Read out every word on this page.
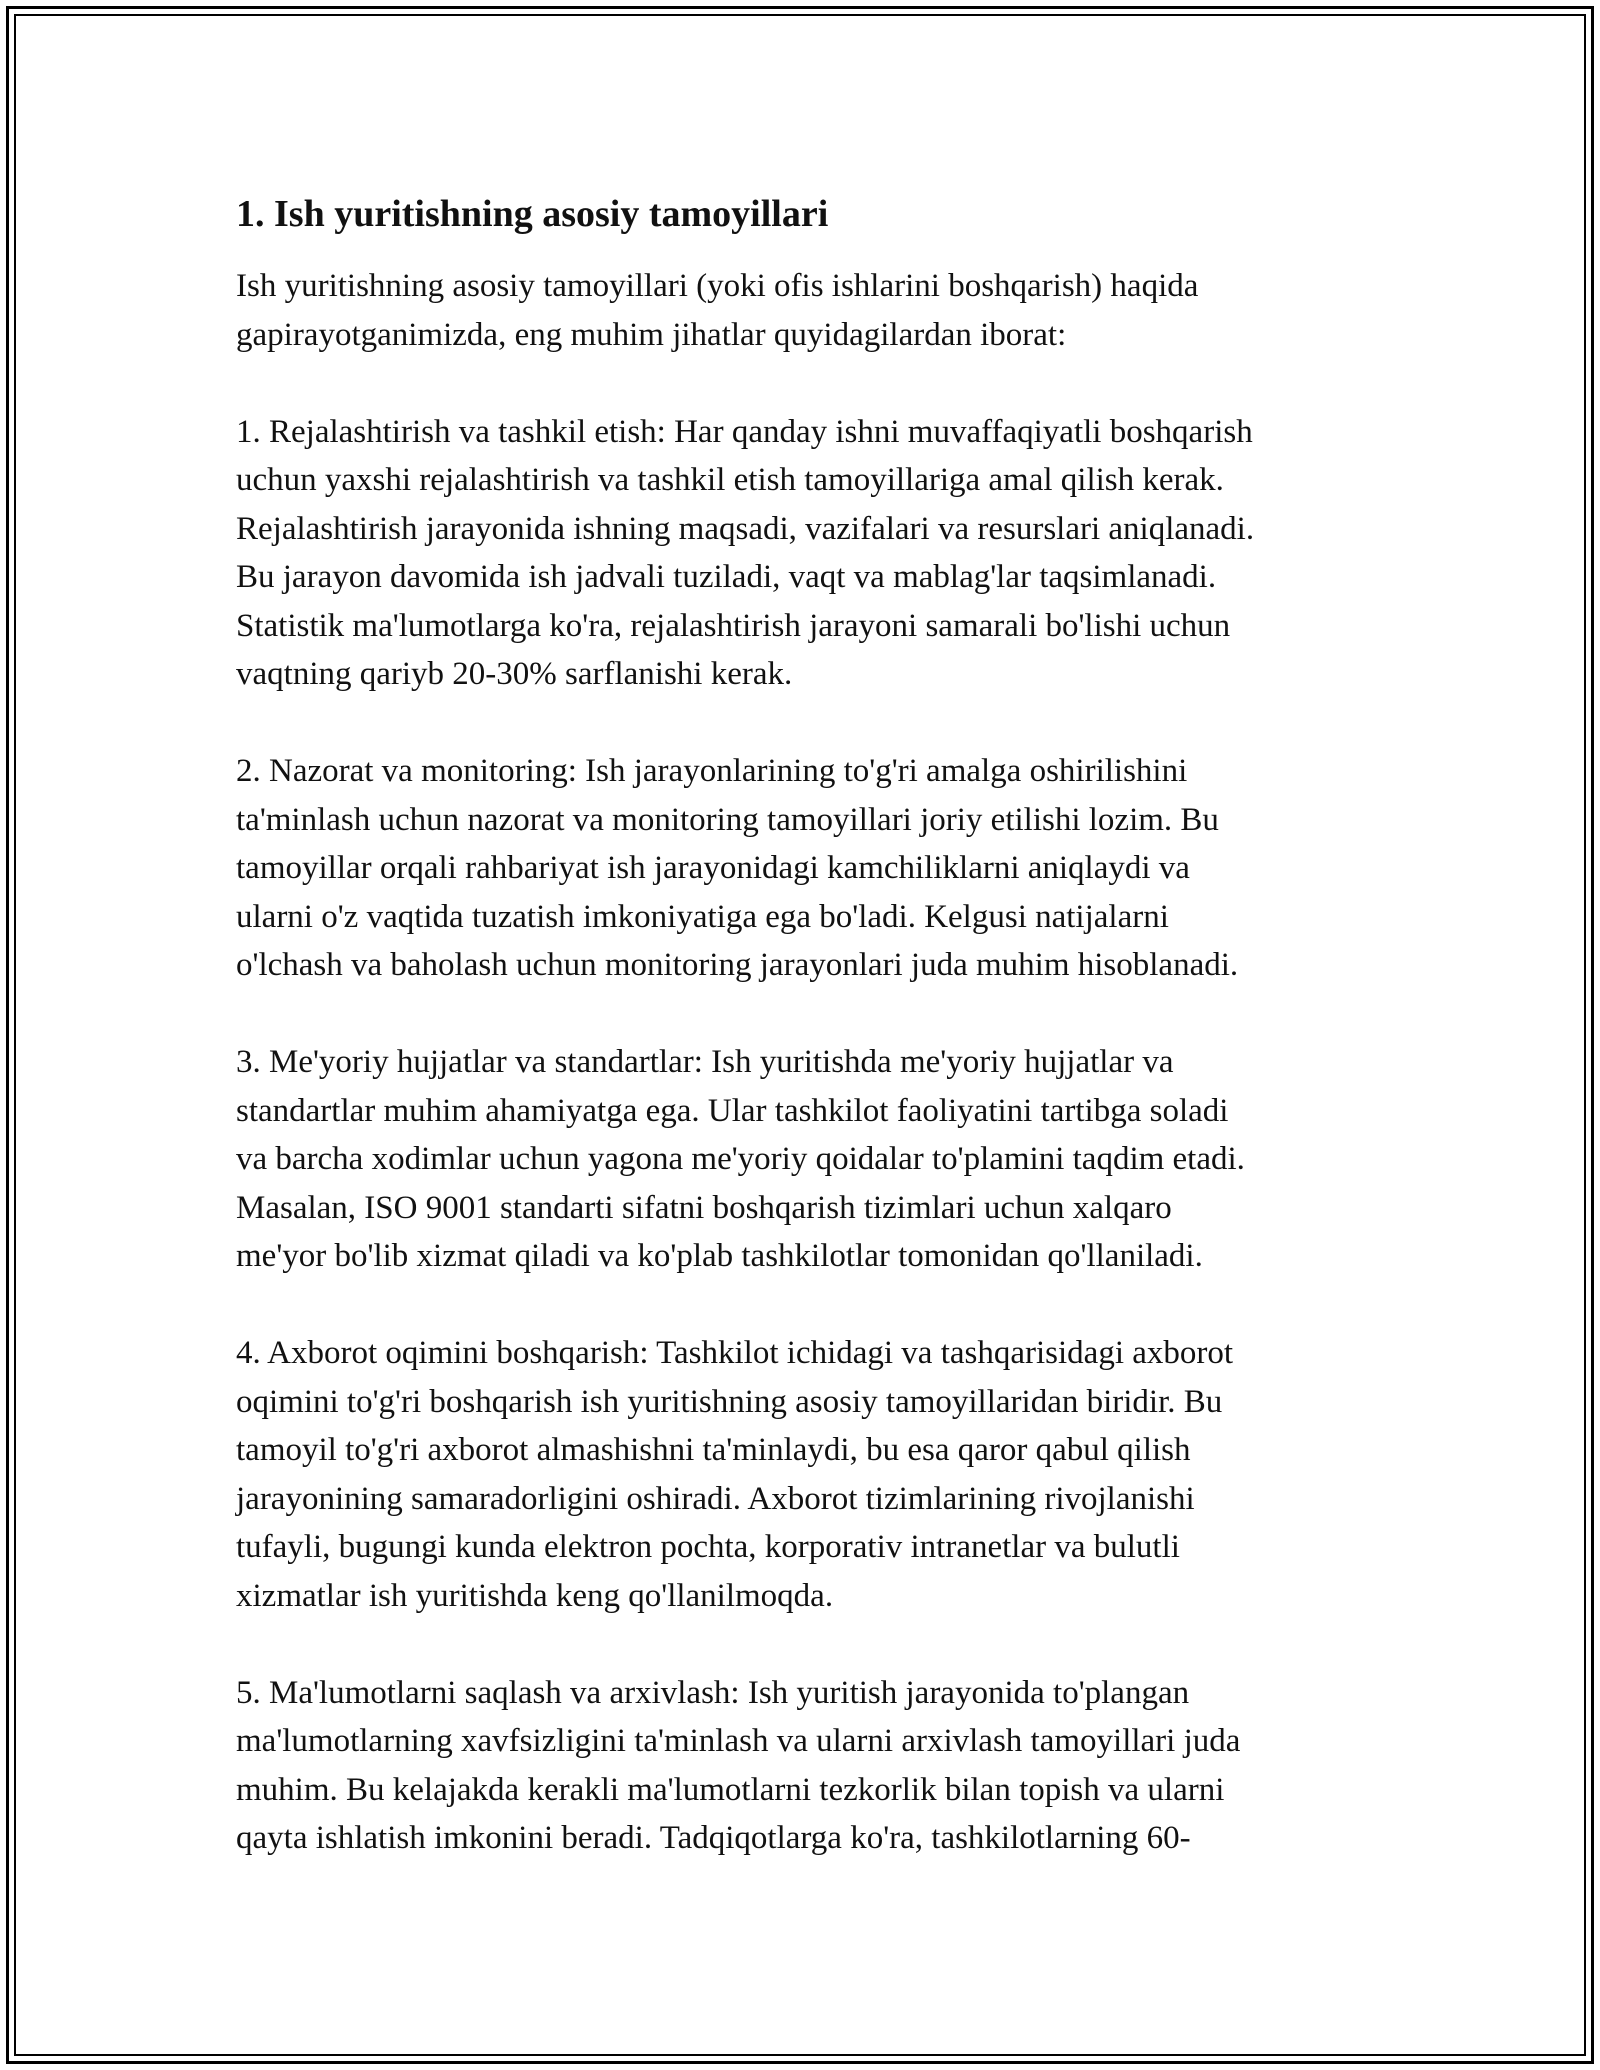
1. Ish yuritishning asosiy tamoyillari

Ish yuritishning asosiy tamoyillari (yoki ofis ishlarini boshqarish) haqida
gapirayotganimizda, eng muhim jihatlar quyidagilardan iborat:

1. Rejalashtirish va tashkil etish: Har qanday ishni muvaffaqiyatli boshqarish
uchun yaxshi rejalashtirish va tashkil etish tamoyillariga amal qilish kerak.
Rejalashtirish jarayonida ishning maqsadi, vazifalari va resurslari aniqlanadi.
Bu jarayon davomida ish jadvali tuziladi, vaqt va mablag'lar taqsimlanadi.
Statistik ma'lumotlarga ko'ra, rejalashtirish jarayoni samarali bo'lishi uchun
vaqtning qariyb 20-30% sarflanishi kerak.

2. Nazorat va monitoring: Ish jarayonlarining to'g'ri amalga oshirilishini
ta'minlash uchun nazorat va monitoring tamoyillari joriy etilishi lozim. Bu
tamoyillar orqali rahbariyat ish jarayonidagi kamchiliklarni aniqlaydi va
ularni o'z vaqtida tuzatish imkoniyatiga ega bo'ladi. Kelgusi natijalarni
o'lchash va baholash uchun monitoring jarayonlari juda muhim hisoblanadi.

3. Me'yoriy hujjatlar va standartlar: Ish yuritishda me'yoriy hujjatlar va
standartlar muhim ahamiyatga ega. Ular tashkilot faoliyatini tartibga soladi
va barcha xodimlar uchun yagona me'yoriy qoidalar to'plamini taqdim etadi.
Masalan, ISO 9001 standarti sifatni boshqarish tizimlari uchun xalqaro
me'yor bo'lib xizmat qiladi va ko'plab tashkilotlar tomonidan qo'llaniladi.

4. Axborot oqimini boshqarish: Tashkilot ichidagi va tashqarisidagi axborot
oqimini to'g'ri boshqarish ish yuritishning asosiy tamoyillaridan biridir. Bu
tamoyil to'g'ri axborot almashishni ta'minlaydi, bu esa qaror qabul qilish
jarayonining samaradorligini oshiradi. Axborot tizimlarining rivojlanishi
tufayli, bugungi kunda elektron pochta, korporativ intranetlar va bulutli
xizmatlar ish yuritishda keng qo'llanilmoqda.

5. Ma'lumotlarni saqlash va arxivlash: Ish yuritish jarayonida to'plangan
ma'lumotlarning xavfsizligini ta'minlash va ularni arxivlash tamoyillari juda
muhim. Bu kelajakda kerakli ma'lumotlarni tezkorlik bilan topish va ularni
qayta ishlatish imkonini beradi. Tadqiqotlarga ko'ra, tashkilotlarning 60-
